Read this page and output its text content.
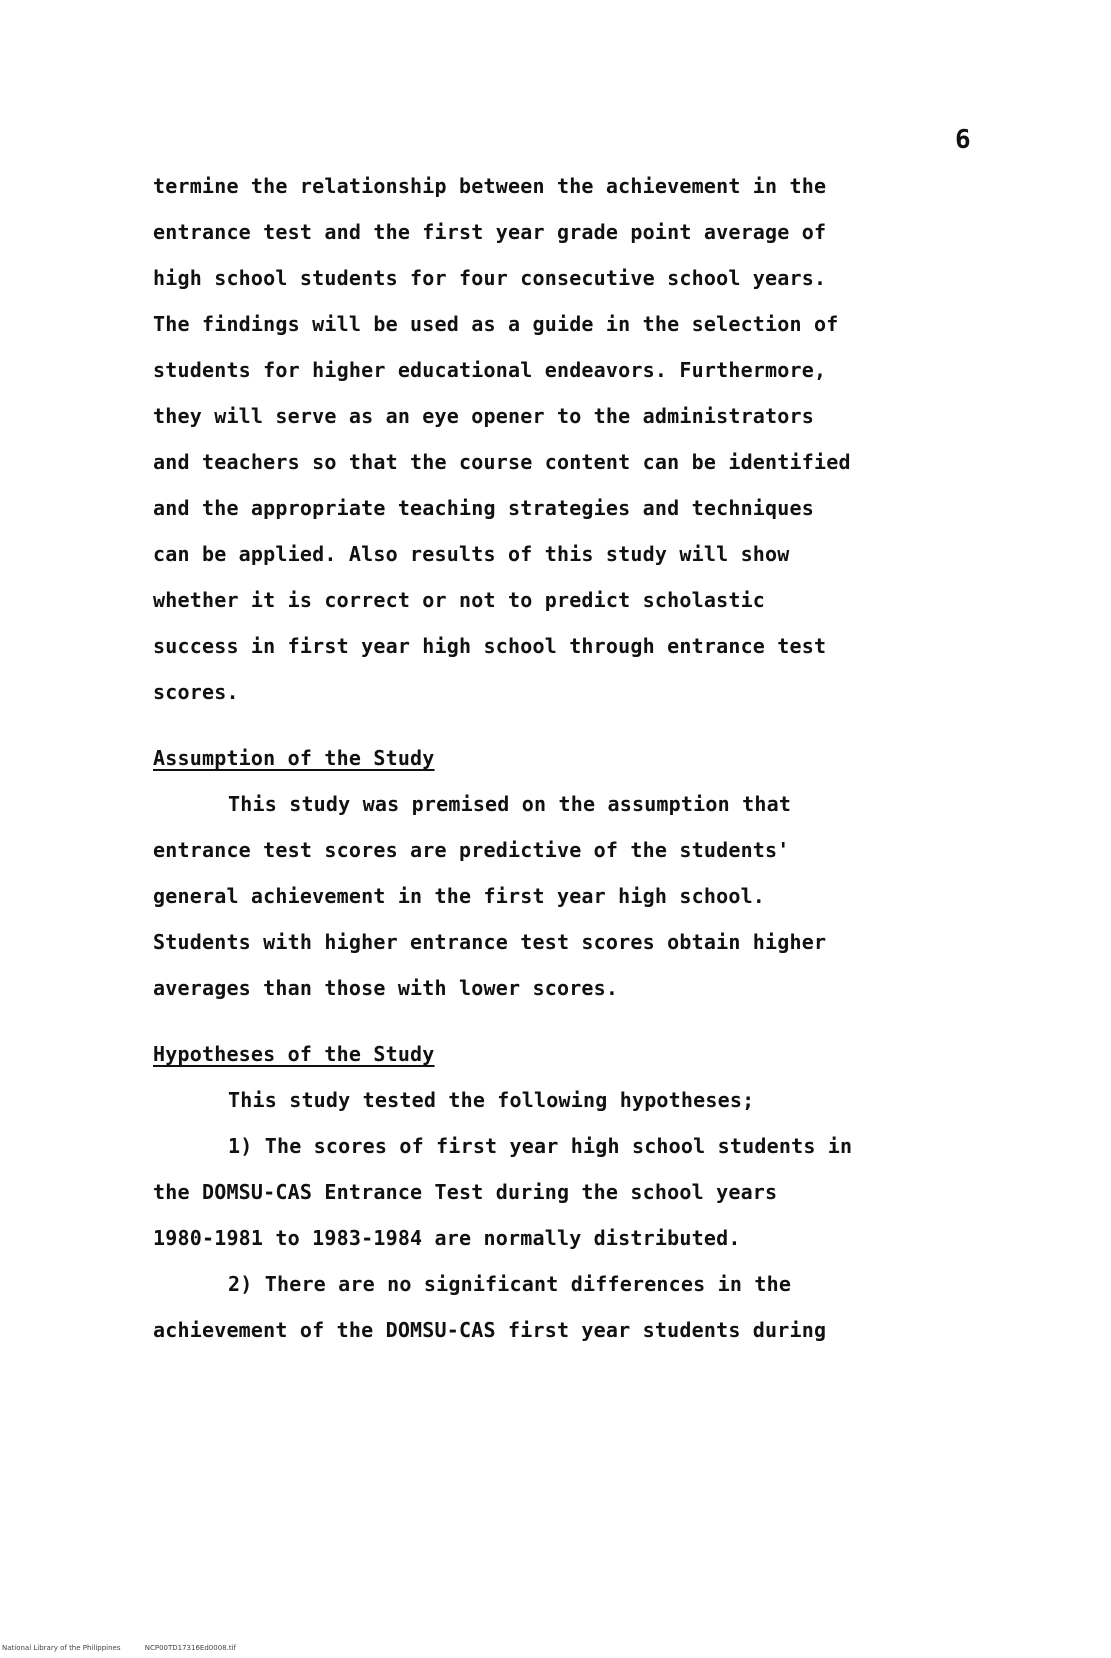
6
termine the relationship between the achievement in the
entrance test and the first year grade point average of
high school students for four consecutive school years.
The findings will be used as a guide in the selection of
students for higher educational endeavors. Furthermore,
they will serve as an eye opener to the administrators
and teachers so that the course content can be identified
and the appropriate teaching strategies and techniques
can be applied. Also results of this study will show
whether it is correct or not to predict scholastic
success in first year high school through entrance test
scores.
Assumption of the Study
This study was premised on the assumption that
entrance test scores are predictive of the students'
general achievement in the first year high school.
Students with higher entrance test scores obtain higher
averages than those with lower scores.
Hypotheses of the Study
This study tested the following hypotheses;
1) The scores of first year high school students in
the DOMSU-CAS Entrance Test during the school years
1980-1981 to 1983-1984 are normally distributed.
2) There are no significant differences in the
achievement of the DOMSU-CAS first year students during
National Library of the Philippines	NCP00TD17316Ed0008.tif
